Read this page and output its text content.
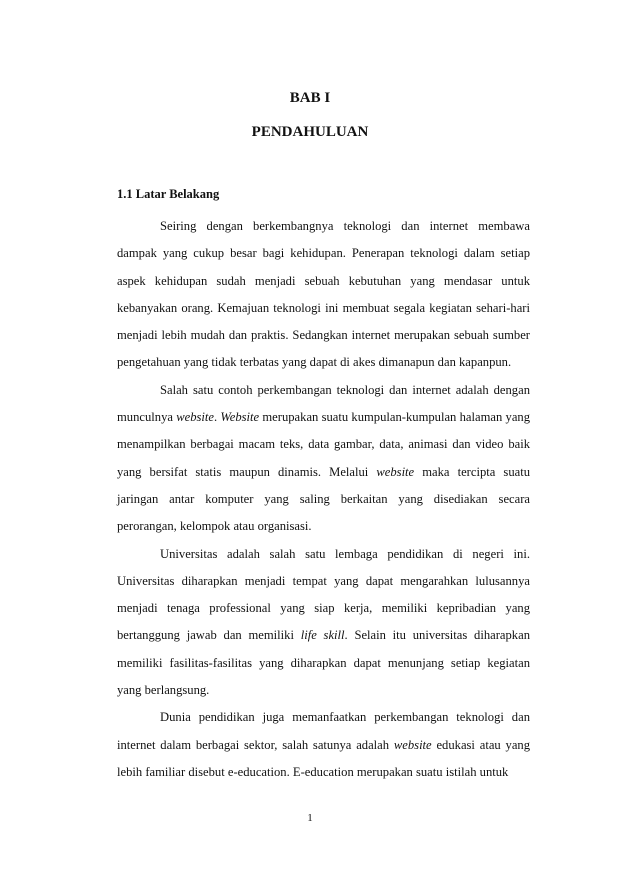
BAB I
PENDAHULUAN
1.1 Latar Belakang

Seiring dengan berkembangnya teknologi dan internet membawa dampak yang cukup besar bagi kehidupan. Penerapan teknologi dalam setiap aspek kehidupan sudah menjadi sebuah kebutuhan yang mendasar untuk kebanyakan orang. Kemajuan teknologi ini membuat segala kegiatan sehari-hari menjadi lebih mudah dan praktis. Sedangkan internet merupakan sebuah sumber pengetahuan yang tidak terbatas yang dapat di akes dimanapun dan kapanpun.

Salah satu contoh perkembangan teknologi dan internet adalah dengan munculnya website. Website merupakan suatu kumpulan-kumpulan halaman yang menampilkan berbagai macam teks, data gambar, data, animasi dan video baik yang bersifat statis maupun dinamis. Melalui website maka tercipta suatu jaringan antar komputer yang saling berkaitan yang disediakan secara perorangan, kelompok atau organisasi.

Universitas adalah salah satu lembaga pendidikan di negeri ini. Universitas diharapkan menjadi tempat yang dapat mengarahkan lulusannya menjadi tenaga professional yang siap kerja, memiliki kepribadian yang bertanggung jawab dan memiliki life skill. Selain itu universitas diharapkan memiliki fasilitas-fasilitas yang diharapkan dapat menunjang setiap kegiatan yang berlangsung.

Dunia pendidikan juga memanfaatkan perkembangan teknologi dan internet dalam berbagai sektor, salah satunya adalah website edukasi atau yang lebih familiar disebut e-education. E-education merupakan suatu istilah untuk

1
